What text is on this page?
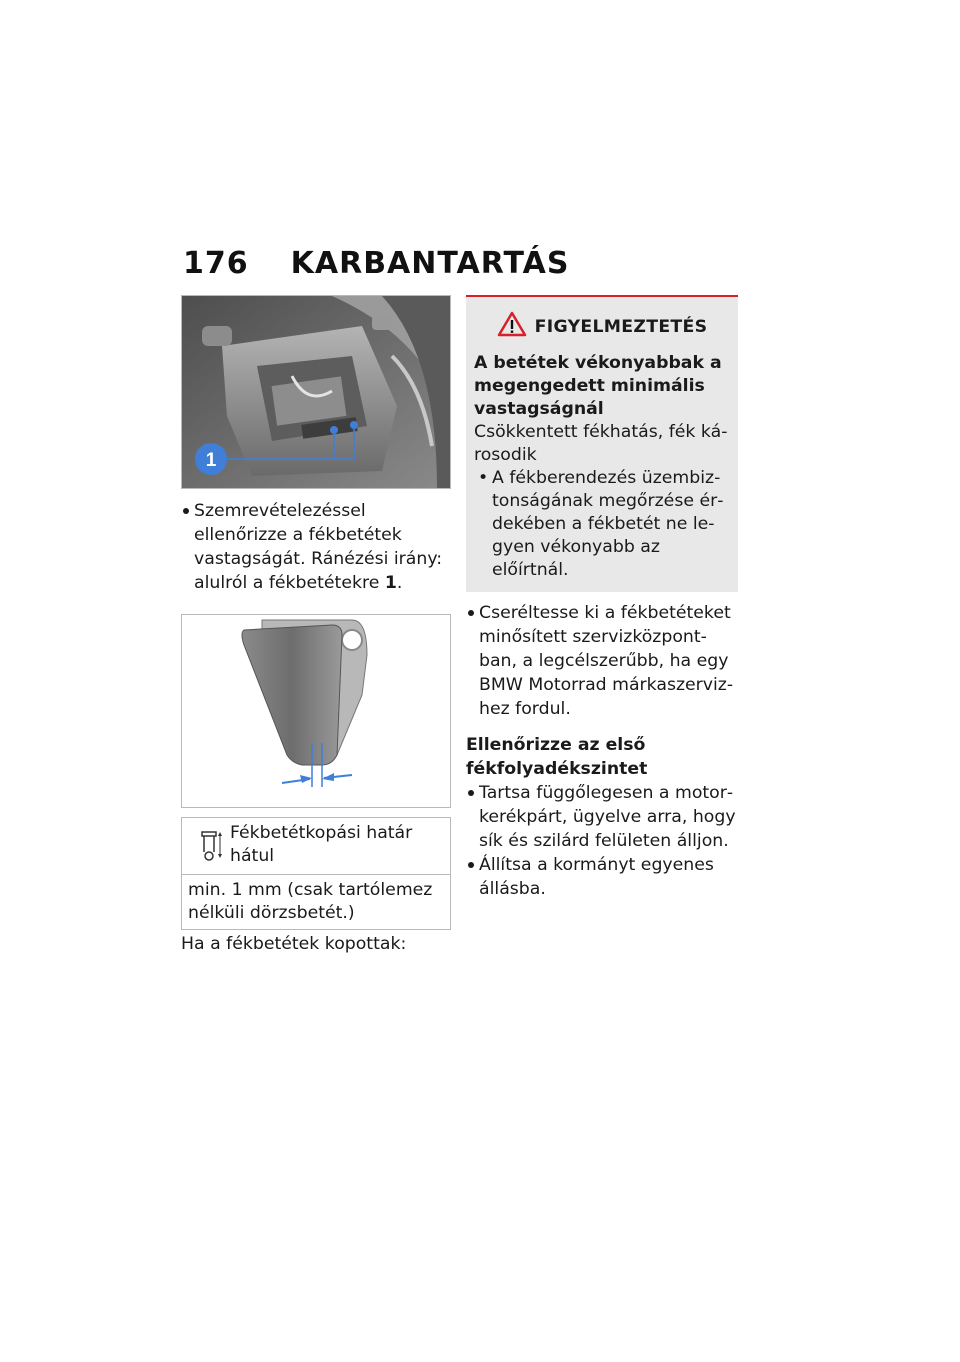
176 KARBANTARTÁS
1
Szemrevételezéssel ellenőrizze a fékbetétek vastagságát. Ránézési irány: alulról a fékbetétekre 1.
Fékbetétkopási határ hátul
min. 1 mm (csak tartólemez nélküli dörzsbetét.)
Ha a fékbetétek kopottak:
FIGYELMEZTETÉS
A betétek vékonyabbak a megengedett minimális vastagságnál
Csökkentett fékhatás, fék károsodik
• A fékberendezés üzembiztonságának megőrzése érdekében a fékbetét ne legyen vékonyabb az előírtnál.
Cseréltesse ki a fékbetéteket minősített szervizközpontban, a legcélszerűbb, ha egy BMW Motorrad márkaszervizhez fordul.
Ellenőrizze az első fékfolyadékszintet
Tartsa függőlegesen a motorkerékpárt, ügyelve arra, hogy sík és szilárd felületen álljon.
Állítsa a kormányt egyenes állásba.
